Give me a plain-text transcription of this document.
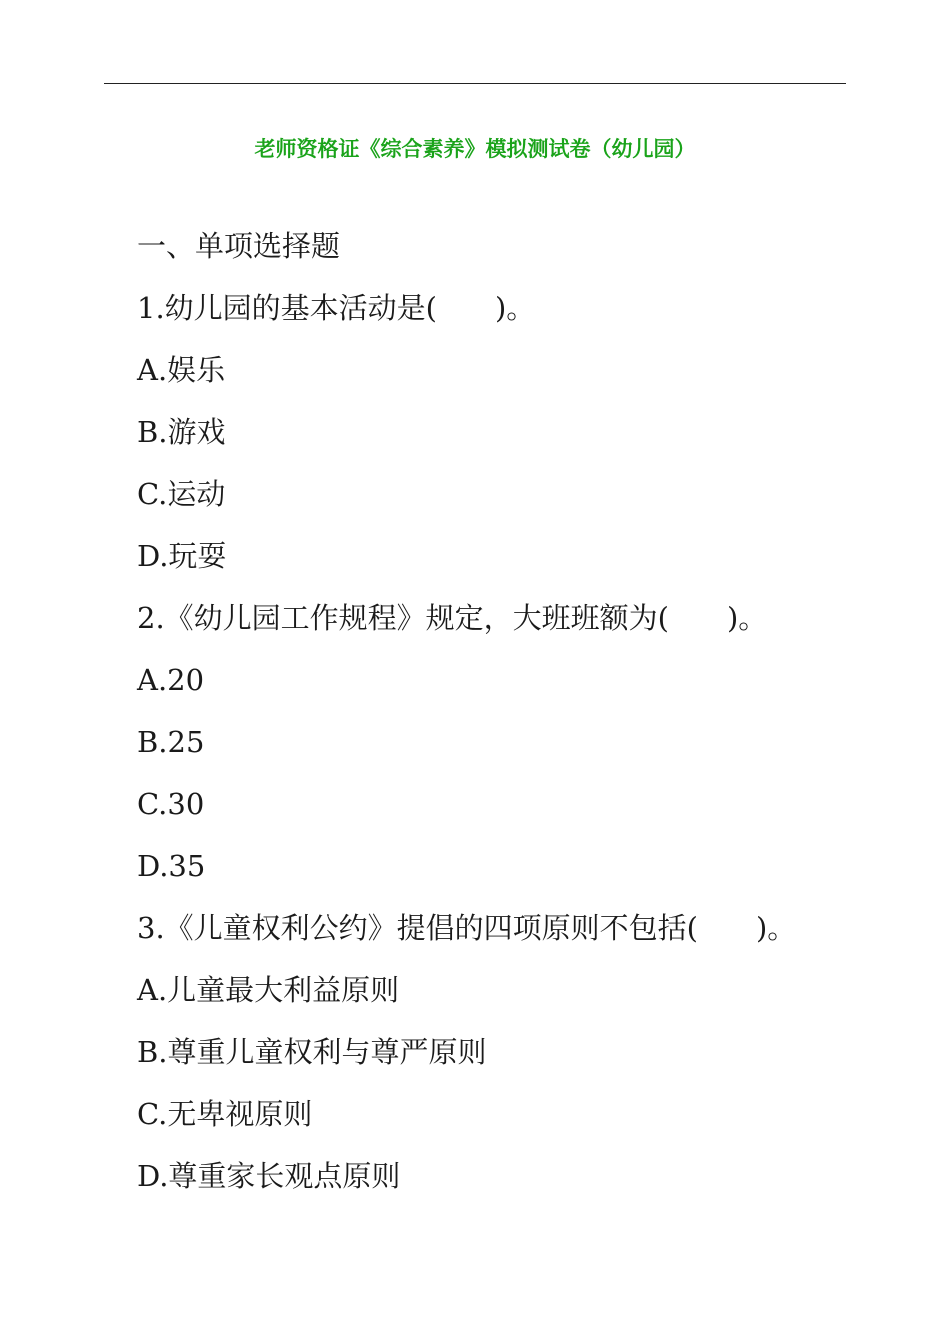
老师资格证《综合素养》模拟测试卷（幼儿园）
一、单项选择题
1.幼儿园的基本活动是(　　)。
A.娱乐
B.游戏
C.运动
D.玩耍
2.《幼儿园工作规程》规定，大班班额为(　　)。
A.20
B.25
C.30
D.35
3.《儿童权利公约》提倡的四项原则不包括(　　)。
A.儿童最大利益原则
B.尊重儿童权利与尊严原则
C.无卑视原则
D.尊重家长观点原则
